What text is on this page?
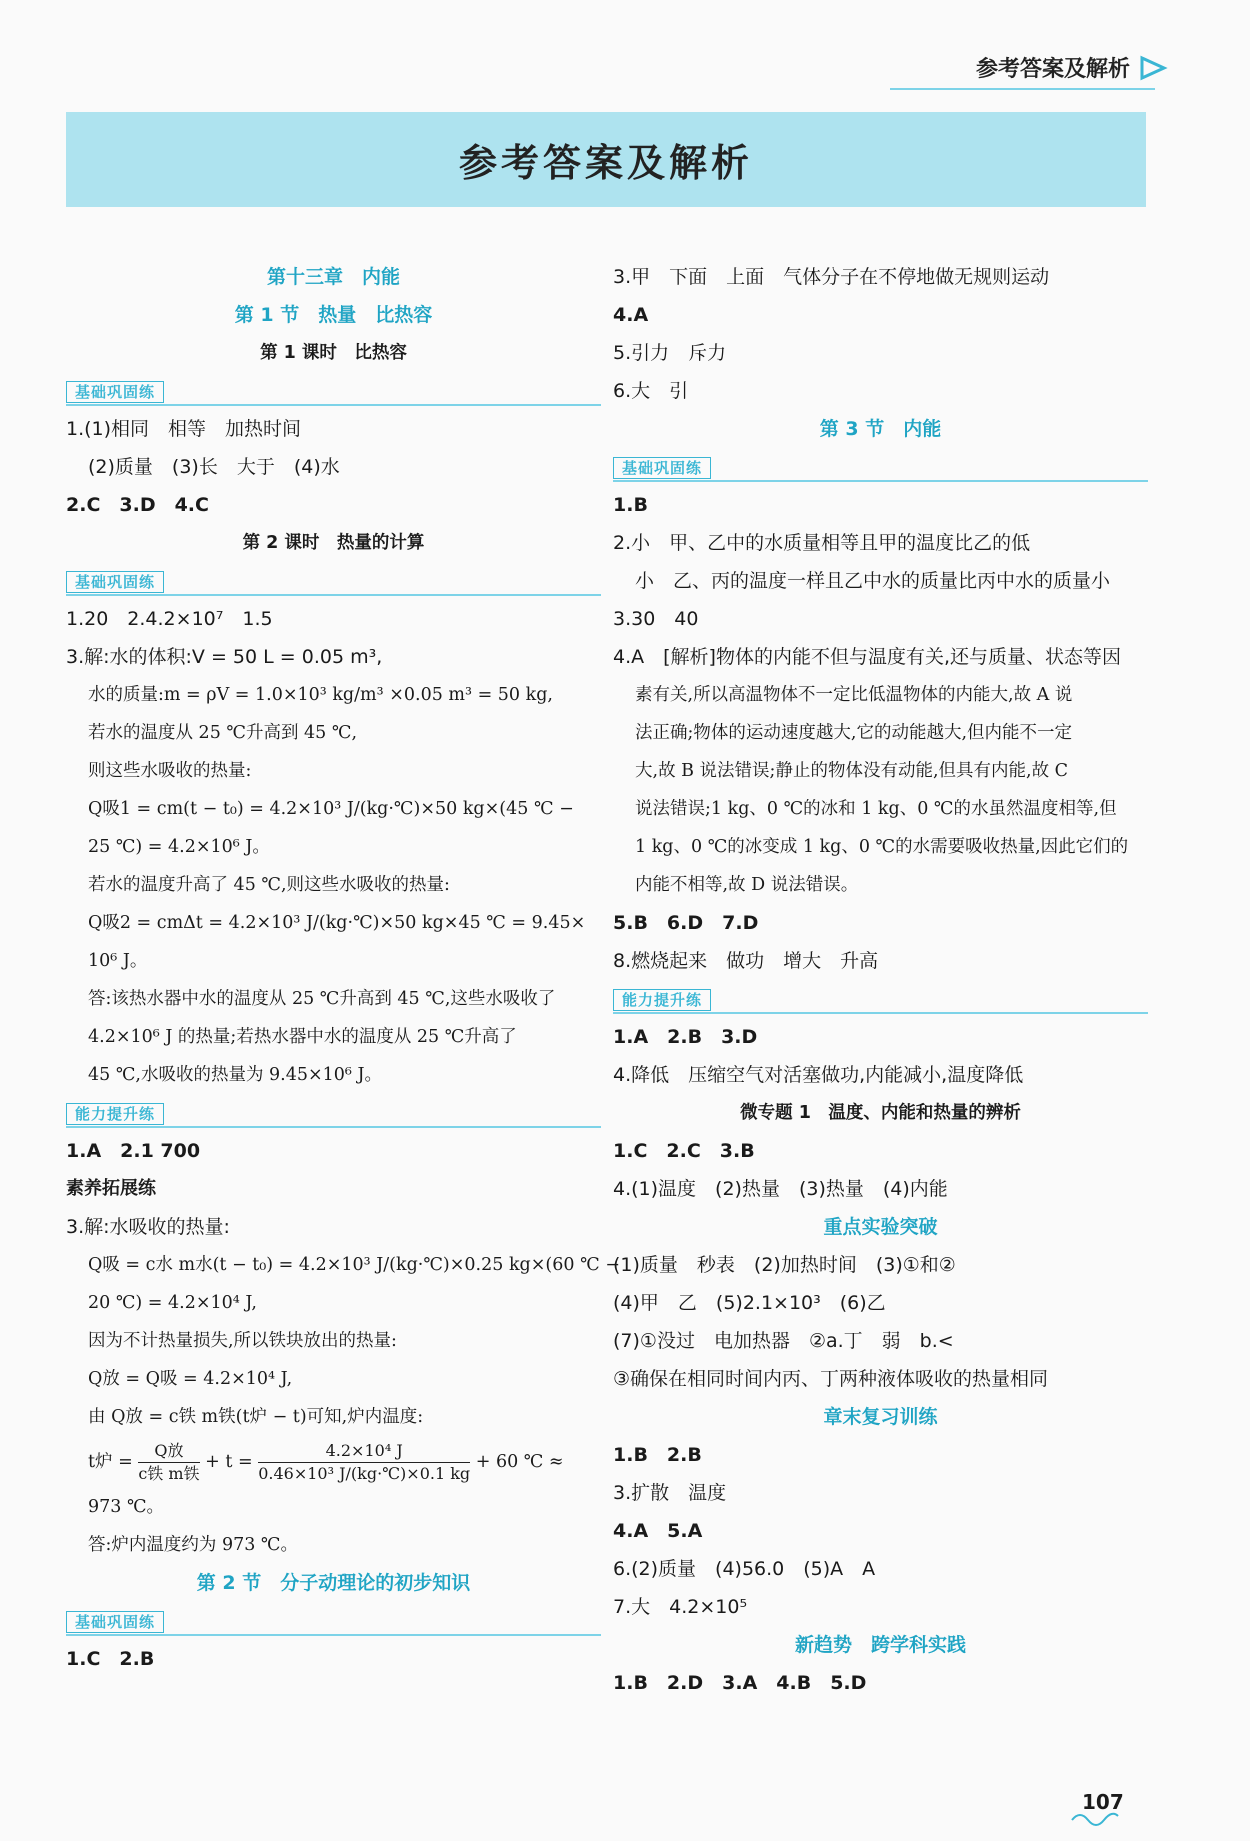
参考答案及解析
参考答案及解析
第十三章　内能
第 1 节　热量　比热容
第 1 课时　比热容
基础巩固练
1.(1)相同　相等　加热时间
(2)质量　(3)长　大于　(4)水
2.C　3.D　4.C
第 2 课时　热量的计算
基础巩固练
1.20　2.4.2×10⁷　1.5
3.解:水的体积:V = 50 L = 0.05 m³,
水的质量:m = ρV = 1.0×10³ kg/m³ ×0.05 m³ = 50 kg,
若水的温度从 25 ℃升高到 45 ℃,
则这些水吸收的热量:
Q吸1 = cm(t − t₀) = 4.2×10³ J/(kg·℃)×50 kg×(45 ℃ −
25 ℃) = 4.2×10⁶ J。
若水的温度升高了 45 ℃,则这些水吸收的热量:
Q吸2 = cmΔt = 4.2×10³ J/(kg·℃)×50 kg×45 ℃ = 9.45×
10⁶ J。
答:该热水器中水的温度从 25 ℃升高到 45 ℃,这些水吸收了
4.2×10⁶ J 的热量;若热水器中水的温度从 25 ℃升高了
45 ℃,水吸收的热量为 9.45×10⁶ J。
能力提升练
1.A　2.1 700
素养拓展练
3.解:水吸收的热量:
Q吸 = c水 m水(t − t₀) = 4.2×10³ J/(kg·℃)×0.25 kg×(60 ℃ −
20 ℃) = 4.2×10⁴ J,
因为不计热量损失,所以铁块放出的热量:
Q放 = Q吸 = 4.2×10⁴ J,
由 Q放 = c铁 m铁(t炉 − t)可知,炉内温度:
t炉 = $\frac{\text{Q放}}{\text{c铁 m铁}} + t = \frac{\text{4.2×10⁴ J}}{\text{0.46×10³ J/(kg·℃)×0.1 kg}} + 60$ ℃ ≈
973 ℃。
答:炉内温度约为 973 ℃。
第 2 节　分子动理论的初步知识
基础巩固练
1.C　2.B
3.甲　下面　上面　气体分子在不停地做无规则运动
4.A
5.引力　斥力
6.大　引
第 3 节　内能
基础巩固练
1.B
2.小　甲、乙中的水质量相等且甲的温度比乙的低
小　乙、丙的温度一样且乙中水的质量比丙中水的质量小
3.30　40
4.A　[解析]物体的内能不但与温度有关,还与质量、状态等因
素有关,所以高温物体不一定比低温物体的内能大,故 A 说
法正确;物体的运动速度越大,它的动能越大,但内能不一定
大,故 B 说法错误;静止的物体没有动能,但具有内能,故 C
说法错误;1 kg、0 ℃的冰和 1 kg、0 ℃的水虽然温度相等,但
1 kg、0 ℃的冰变成 1 kg、0 ℃的水需要吸收热量,因此它们的
内能不相等,故 D 说法错误。
5.B　6.D　7.D
8.燃烧起来　做功　增大　升高
能力提升练
1.A　2.B　3.D
4.降低　压缩空气对活塞做功,内能减小,温度降低
微专题 1　温度、内能和热量的辨析
1.C　2.C　3.B
4.(1)温度　(2)热量　(3)热量　(4)内能
重点实验突破
(1)质量　秒表　(2)加热时间　(3)①和②
(4)甲　乙　(5)2.1×10³　(6)乙
(7)①没过　电加热器　②a.丁　弱　b.<
③确保在相同时间内丙、丁两种液体吸收的热量相同
章末复习训练
1.B　2.B
3.扩散　温度
4.A　5.A
6.(2)质量　(4)56.0　(5)A　A
7.大　4.2×10⁵
新趋势　跨学科实践
1.B　2.D　3.A　4.B　5.D
107
